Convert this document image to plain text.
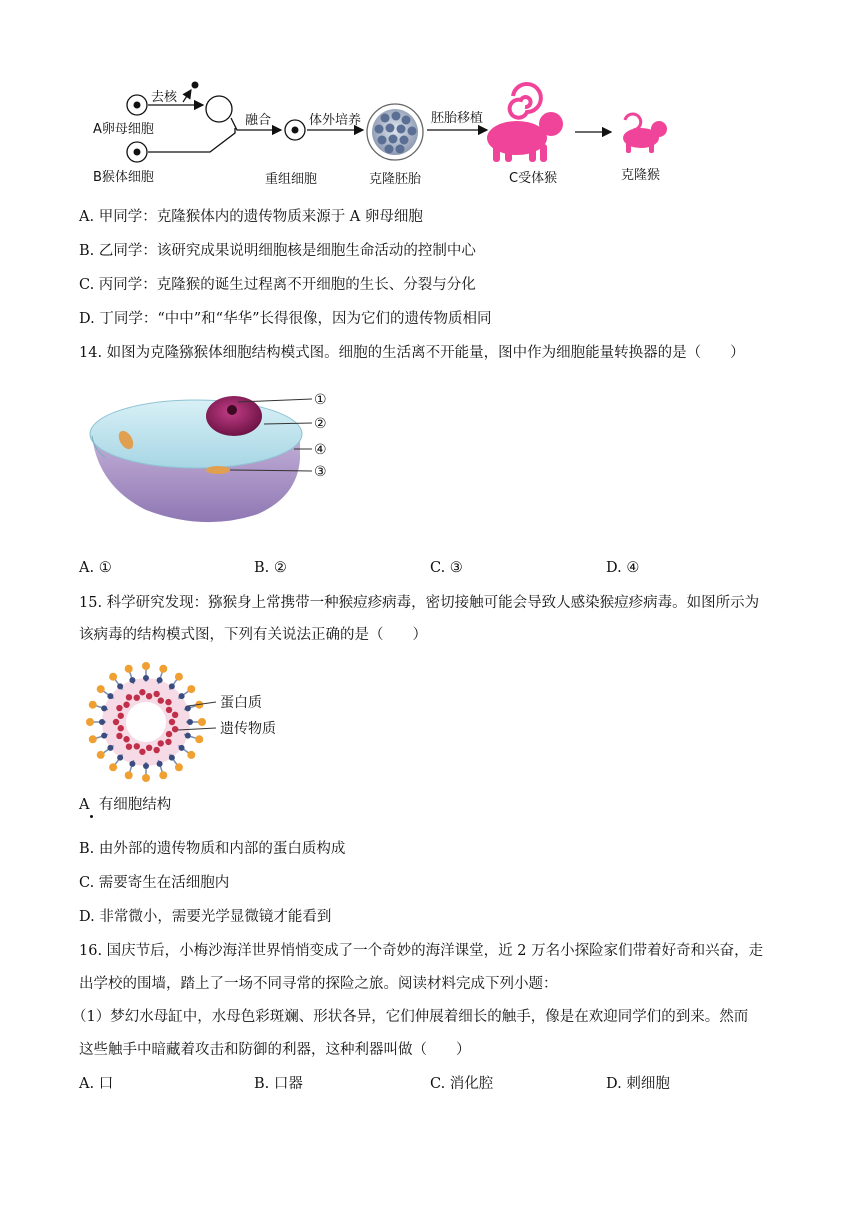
A卵母细胞
去核
B猴体细胞
融合
重组细胞
体外培养
克隆胚胎
胚胎移植
C受体猴	克隆猴
A. 甲同学：克隆猴体内的遗传物质来源于 A 卵母细胞
B. 乙同学：该研究成果说明细胞核是细胞生命活动的控制中心
C. 丙同学：克隆猴的诞生过程离不开细胞的生长、分裂与分化
D. 丁同学：“中中”和“华华”长得很像，因为它们的遗传物质相同
14. 如图为克隆猕猴体细胞结构模式图。细胞的生活离不开能量，图中作为细胞能量转换器的是（　　）
①
②
④
③
A. ①	B. ②	C. ③	D. ④
15. 科学研究发现：猕猴身上常携带一种猴痘疹病毒，密切接触可能会导致人感染猴痘疹病毒。如图所示为
该病毒的结构模式图，下列有关说法正确的是（　　）
蛋白质
遗传物质
A 有细胞结构
B. 由外部的遗传物质和内部的蛋白质构成
C. 需要寄生在活细胞内
D. 非常微小，需要光学显微镜才能看到
16. 国庆节后，小梅沙海洋世界悄悄变成了一个奇妙的海洋课堂，近 2 万名小探险家们带着好奇和兴奋，走
出学校的围墙，踏上了一场不同寻常的探险之旅。阅读材料完成下列小题：
（1）梦幻水母缸中，水母色彩斑斓、形状各异，它们伸展着细长的触手，像是在欢迎同学们的到来。然而
这些触手中暗藏着攻击和防御的利器，这种利器叫做（　　）
A. 口	B. 口器	C. 消化腔	D. 刺细胞
